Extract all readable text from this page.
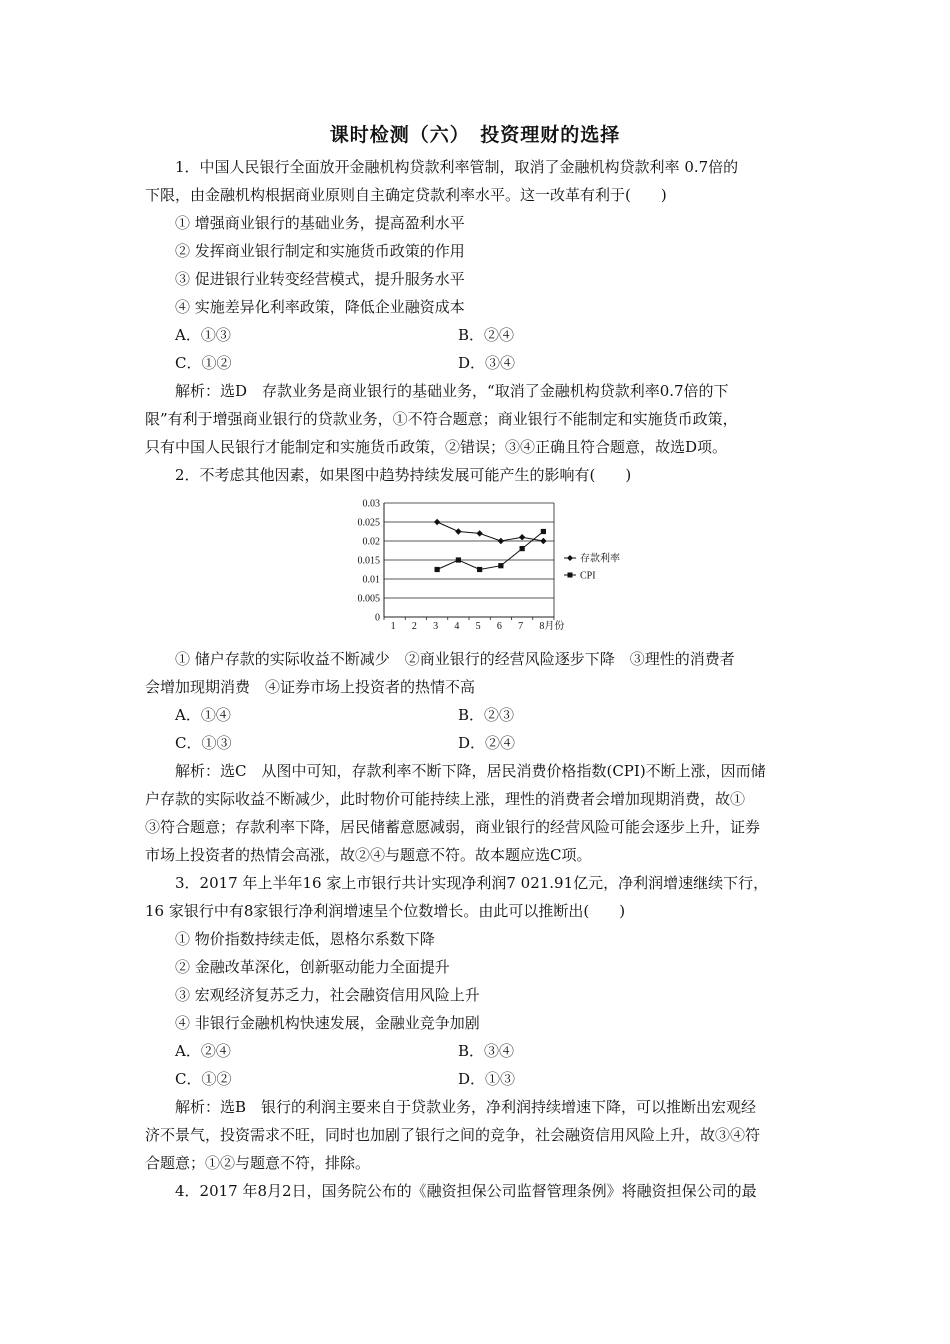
课时检测（六）　投资理财的选择
1．中国人民银行全面放开金融机构贷款利率管制，取消了金融机构贷款利率 0.7倍的
下限，由金融机构根据商业原则自主确定贷款利率水平。这一改革有利于(　　)
① 增强商业银行的基础业务，提高盈利水平
② 发挥商业银行制定和实施货币政策的作用
③ 促进银行业转变经营模式，提升服务水平
④ 实施差异化利率政策，降低企业融资成本
A．①③	B．②④
C．①②	D．③④
解析：选D　存款业务是商业银行的基础业务，“取消了金融机构贷款利率0.7倍的下
限”有利于增强商业银行的贷款业务，①不符合题意；商业银行不能制定和实施货币政策，
只有中国人民银行才能制定和实施货币政策，②错误；③④正确且符合题意，故选D项。
2．不考虑其他因素，如果图中趋势持续发展可能产生的影响有(　　)
0
0.005
0.01
0.015
0.02
0.025
0.03
1 2 3 4 5 6 7 8月份
存款利率
CPI
① 储户存款的实际收益不断减少　②商业银行的经营风险逐步下降　③理性的消费者
会增加现期消费　④证券市场上投资者的热情不高
A．①④	B．②③
C．①③	D．②④
解析：选C　从图中可知，存款利率不断下降，居民消费价格指数(CPI)不断上涨，因而储
户存款的实际收益不断减少，此时物价可能持续上涨，理性的消费者会增加现期消费，故①
③符合题意；存款利率下降，居民储蓄意愿减弱，商业银行的经营风险可能会逐步上升，证券
市场上投资者的热情会高涨，故②④与题意不符。故本题应选C项。
3．2017 年上半年16 家上市银行共计实现净利润7 021.91亿元，净利润增速继续下行，
16 家银行中有8家银行净利润增速呈个位数增长。由此可以推断出(　　)
① 物价指数持续走低，恩格尔系数下降
② 金融改革深化，创新驱动能力全面提升
③ 宏观经济复苏乏力，社会融资信用风险上升
④ 非银行金融机构快速发展，金融业竞争加剧
A．②④	B．③④
C．①②	D．①③
解析：选B　银行的利润主要来自于贷款业务，净利润持续增速下降，可以推断出宏观经
济不景气，投资需求不旺，同时也加剧了银行之间的竞争，社会融资信用风险上升，故③④符
合题意；①②与题意不符，排除。
4．2017 年8月2日，国务院公布的《融资担保公司监督管理条例》将融资担保公司的最
